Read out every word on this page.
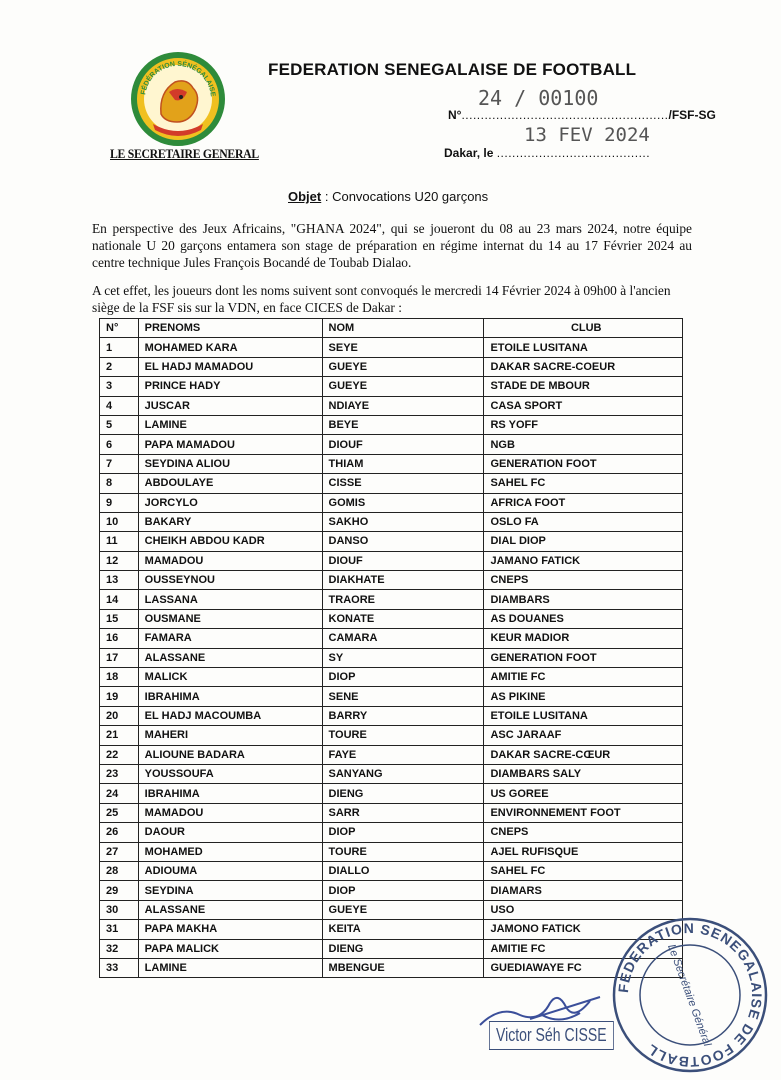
FÉDÉRATION SÉNÉGALAISE
LE SECRETAIRE GENERAL
FEDERATION SENEGALAISE DE FOOTBALL
24 / 00100
N°....................................................../FSF-SG
13 FEV 2024
Dakar, le ........................................
Objet : Convocations U20 garçons
En perspective des Jeux Africains, "GHANA 2024", qui se joueront du 08 au 23 mars 2024, notre équipe nationale U 20 garçons entamera son stage de préparation en régime internat du 14 au 17 Février 2024 au centre technique Jules François Bocandé de Toubab Dialao.
A cet effet, les joueurs dont les noms suivent sont convoqués le mercredi 14 Février 2024 à 09h00 à l'ancien siège de la FSF sis sur la VDN, en face CICES de Dakar :
N°	PRENOMS	NOM	CLUB
1	MOHAMED KARA	SEYE	ETOILE LUSITANA
2	EL HADJ MAMADOU	GUEYE	DAKAR SACRE-COEUR
3	PRINCE HADY	GUEYE	STADE DE MBOUR
4	JUSCAR	NDIAYE	CASA SPORT
5	LAMINE	BEYE	RS YOFF
6	PAPA MAMADOU	DIOUF	NGB
7	SEYDINA ALIOU	THIAM	GENERATION FOOT
8	ABDOULAYE	CISSE	SAHEL FC
9	JORCYLO	GOMIS	AFRICA FOOT
10	BAKARY	SAKHO	OSLO FA
11	CHEIKH ABDOU KADR	DANSO	DIAL DIOP
12	MAMADOU	DIOUF	JAMANO FATICK
13	OUSSEYNOU	DIAKHATE	CNEPS
14	LASSANA	TRAORE	DIAMBARS
15	OUSMANE	KONATE	AS DOUANES
16	FAMARA	CAMARA	KEUR MADIOR
17	ALASSANE	SY	GENERATION FOOT
18	MALICK	DIOP	AMITIE FC
19	IBRAHIMA	SENE	AS PIKINE
20	EL HADJ MACOUMBA	BARRY	ETOILE LUSITANA
21	MAHERI	TOURE	ASC JARAAF
22	ALIOUNE BADARA	FAYE	DAKAR SACRE-CŒUR
23	YOUSSOUFA	SANYANG	DIAMBARS SALY
24	IBRAHIMA	DIENG	US GOREE
25	MAMADOU	SARR	ENVIRONNEMENT FOOT
26	DAOUR	DIOP	CNEPS
27	MOHAMED	TOURE	AJEL RUFISQUE
28	ADIOUMA	DIALLO	SAHEL FC
29	SEYDINA	DIOP	DIAMARS
30	ALASSANE	GUEYE	USO
31	PAPA MAKHA	KEITA	JAMONO FATICK
32	PAPA MALICK	DIENG	AMITIE FC
33	LAMINE	MBENGUE	GUEDIAWAYE FC
Victor Séh CISSE
FEDERATION SENEGALAISE DE FOOTBALL
Le Secrétaire Général
